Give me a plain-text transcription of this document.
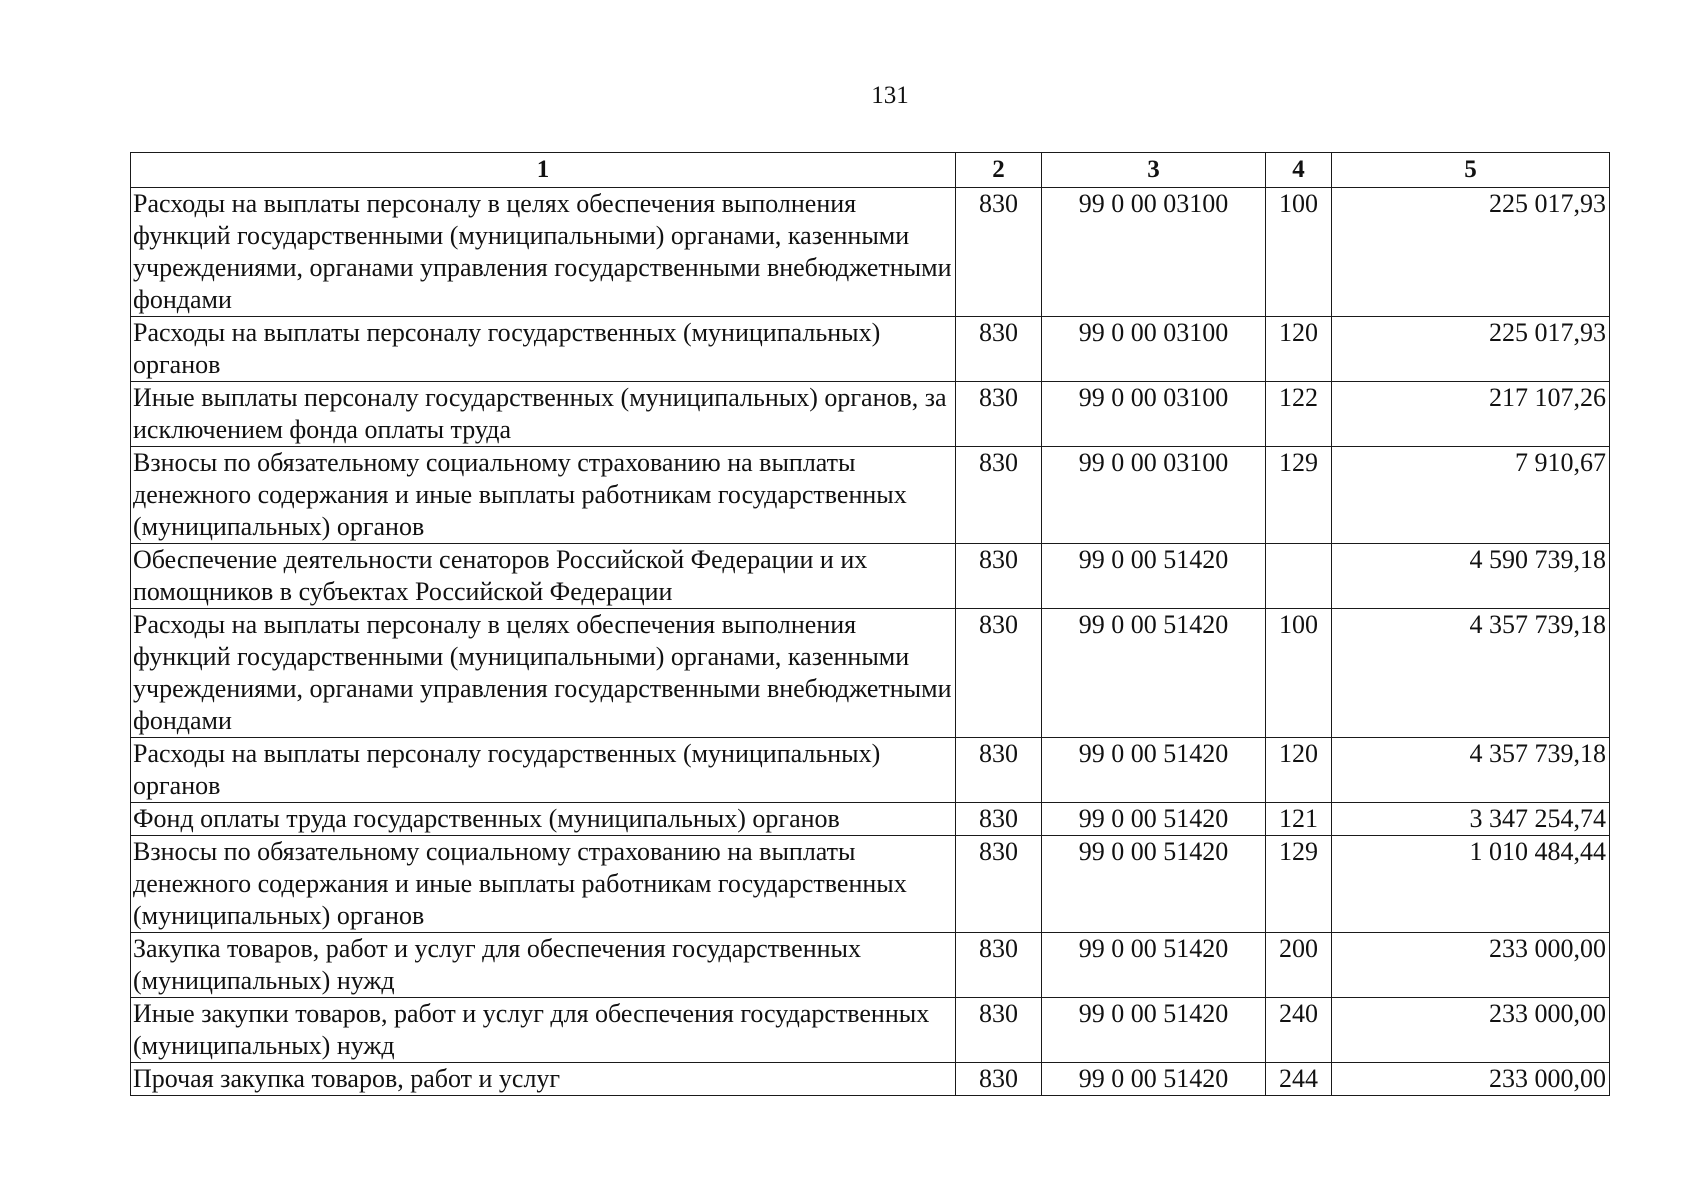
131
1	2	3	4	5
Расходы на выплаты персоналу в целях обеспечения выполнения функций государственными (муниципальными) органами, казенными учреждениями, органами управления государственными внебюджетными фондами	830	99 0 00 03100	100	225 017,93
Расходы на выплаты персоналу государственных (муниципальных) органов	830	99 0 00 03100	120	225 017,93
Иные выплаты персоналу государственных (муниципальных) органов, за исключением фонда оплаты труда	830	99 0 00 03100	122	217 107,26
Взносы по обязательному социальному страхованию на выплаты денежного содержания и иные выплаты работникам государственных (муниципальных) органов	830	99 0 00 03100	129	7 910,67
Обеспечение деятельности сенаторов Российской Федерации и их помощников в субъектах Российской Федерации	830	99 0 00 51420		4 590 739,18
Расходы на выплаты персоналу в целях обеспечения выполнения функций государственными (муниципальными) органами, казенными учреждениями, органами управления государственными внебюджетными фондами	830	99 0 00 51420	100	4 357 739,18
Расходы на выплаты персоналу государственных (муниципальных) органов	830	99 0 00 51420	120	4 357 739,18
Фонд оплаты труда государственных (муниципальных) органов	830	99 0 00 51420	121	3 347 254,74
Взносы по обязательному социальному страхованию на выплаты денежного содержания и иные выплаты работникам государственных (муниципальных) органов	830	99 0 00 51420	129	1 010 484,44
Закупка товаров, работ и услуг для обеспечения государственных (муниципальных) нужд	830	99 0 00 51420	200	233 000,00
Иные закупки товаров, работ и услуг для обеспечения государственных (муниципальных) нужд	830	99 0 00 51420	240	233 000,00
Прочая закупка товаров, работ и услуг	830	99 0 00 51420	244	233 000,00
